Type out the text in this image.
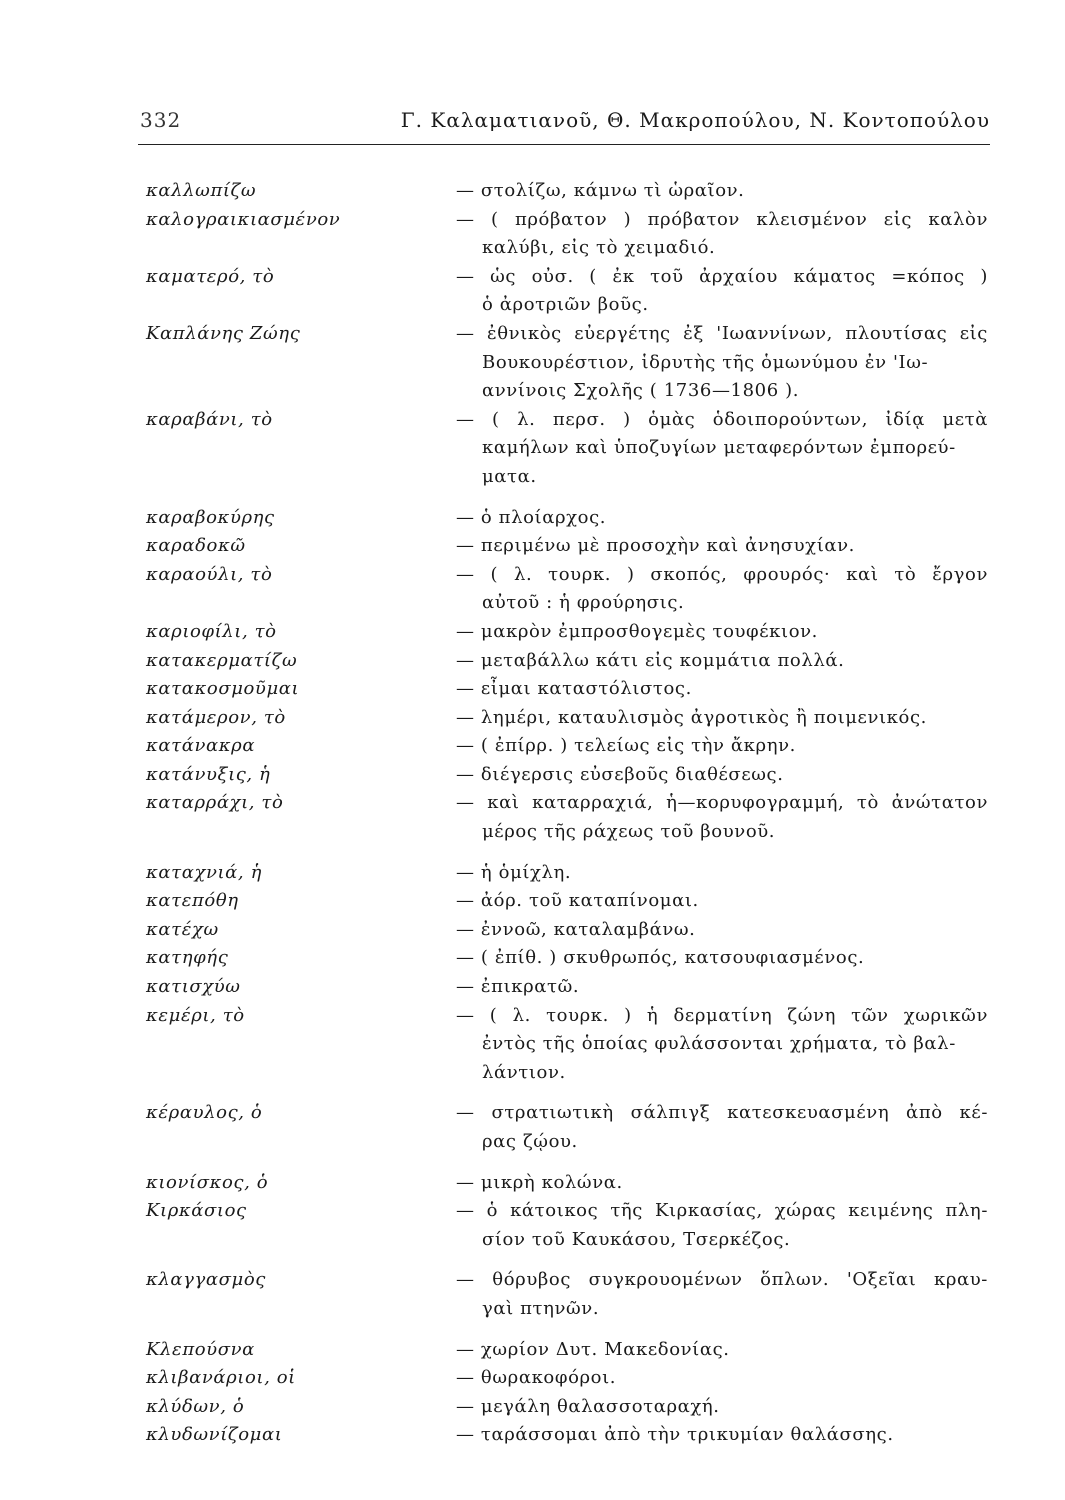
332	Γ. Καλαματιανοῦ, Θ. Μακροπούλου, Ν. Κοντοπούλου
καλλωπίζω	— στολίζω, κάμνω τὶ ὡραῖον.
καλογραικιασμένον	— ( πρόβατον ) πρόβατον κλεισμένον εἰς καλὸν
καλύβι, εἰς τὸ χειμαδιό.
καματερό, τὸ	— ὡς οὐσ. ( ἐκ τοῦ ἀρχαίου κάματος =κόπος )
ὁ ἀροτριῶν βοῦς.
Καπλάνης Ζώης	— ἐθνικὸς εὐεργέτης ἐξ 'Ιωαννίνων, πλουτίσας εἰς
Βουκουρέστιον, ἱδρυτὴς τῆς ὁμωνύμου ἐν 'Ιω-
αννίνοις Σχολῆς ( 1736—1806 ).
καραβάνι, τὸ	— ( λ. περσ. ) ὁμὰς ὁδοιπορούντων, ἰδίᾳ μετὰ
καμήλων καὶ ὑποζυγίων μεταφερόντων ἐμπορεύ-
ματα.
καραβοκύρης	— ὁ πλοίαρχος.
καραδοκῶ	— περιμένω μὲ προσοχὴν καὶ ἀνησυχίαν.
καραούλι, τὸ	— ( λ. τουρκ. ) σκοπός, φρουρός· καὶ τὸ ἔργον
αὐτοῦ : ἡ φρούρησις.
καριοφίλι, τὸ	— μακρὸν ἐμπροσθογεμὲς τουφέκιον.
κατακερματίζω	— μεταβάλλω κάτι εἰς κομμάτια πολλά.
κατακοσμοῦμαι	— εἶμαι καταστόλιστος.
κατάμερον, τὸ	— λημέρι, καταυλισμὸς ἀγροτικὸς ἢ ποιμενικός.
κατάνακρα	— ( ἐπίρρ. ) τελείως εἰς τὴν ἄκρην.
κατάνυξις, ἡ	— διέγερσις εὐσεβοῦς διαθέσεως.
καταρράχι, τὸ	— καὶ καταρραχιά, ἡ—κορυφογραμμή, τὸ ἀνώτατον
μέρος τῆς ράχεως τοῦ βουνοῦ.
καταχνιά, ἡ	— ἡ ὁμίχλη.
κατεπόθη	— ἀόρ. τοῦ καταπίνομαι.
κατέχω	— ἐννοῶ, καταλαμβάνω.
κατηφής	— ( ἐπίθ. ) σκυθρωπός, κατσουφιασμένος.
κατισχύω	— ἐπικρατῶ.
κεμέρι, τὸ	— ( λ. τουρκ. ) ἡ δερματίνη ζώνη τῶν χωρικῶν
ἐντὸς τῆς ὁποίας φυλάσσονται χρήματα, τὸ βαλ-
λάντιον.
κέραυλος, ὁ	— στρατιωτικὴ σάλπιγξ κατεσκευασμένη ἀπὸ κέ-
ρας ζῴου.
κιονίσκος, ὁ	— μικρὴ κολώνα.
Κιρκάσιος	— ὁ κάτοικος τῆς Κιρκασίας, χώρας κειμένης πλη-
σίον τοῦ Καυκάσου, Τσερκέζος.
κλαγγασμὸς	— θόρυβος συγκρουομένων ὅπλων. 'Οξεῖαι κραυ-
γαὶ πτηνῶν.
Κλεπούσνα	— χωρίον Δυτ. Μακεδονίας.
κλιβανάριοι, οἱ	— θωρακοφόροι.
κλύδων, ὁ	— μεγάλη θαλασσοταραχή.
κλυδωνίζομαι	— ταράσσομαι ἀπὸ τὴν τρικυμίαν θαλάσσης.
